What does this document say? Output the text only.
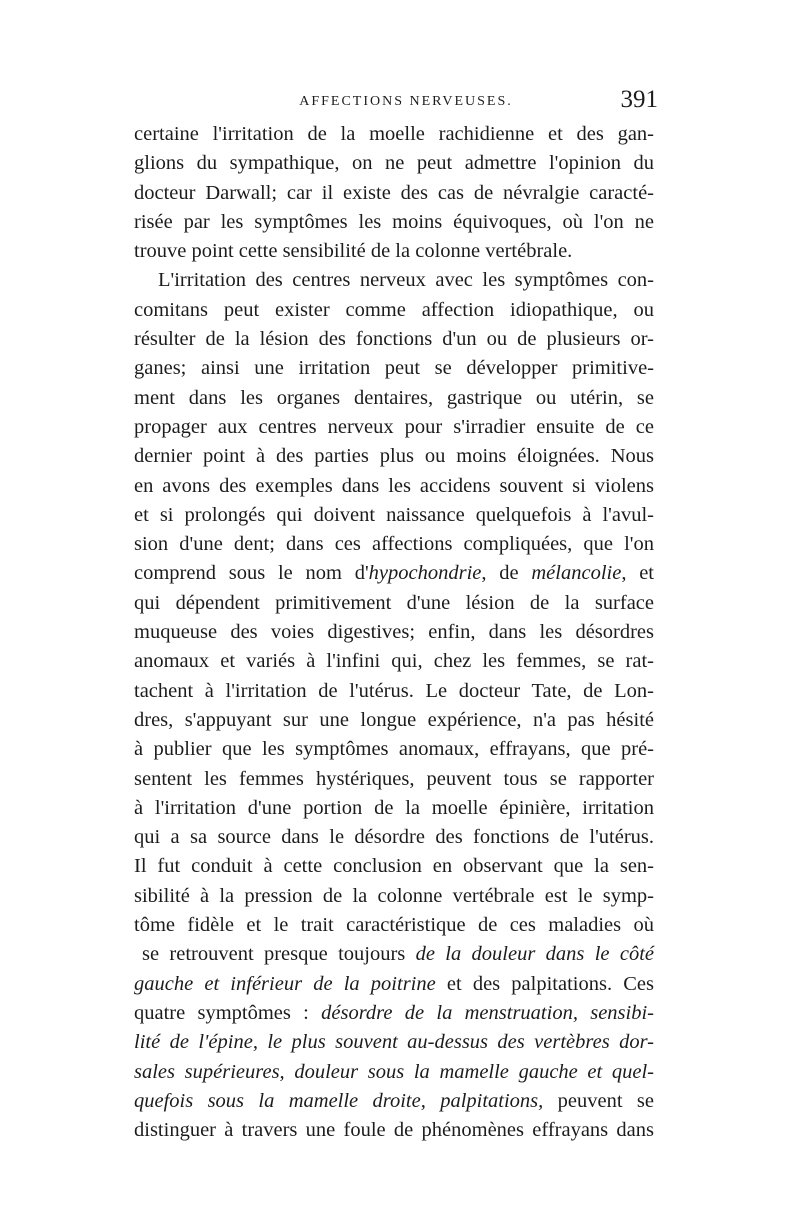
AFFECTIONS NERVEUSES.	391
certaine l'irritation de la moelle rachidienne et des gan-
glions du sympathique, on ne peut admettre l'opinion du
docteur Darwall; car il existe des cas de névralgie caracté-
risée par les symptômes les moins équivoques, où l'on ne
trouve point cette sensibilité de la colonne vertébrale.
L'irritation des centres nerveux avec les symptômes con-
comitans peut exister comme affection idiopathique, ou
résulter de la lésion des fonctions d'un ou de plusieurs or-
ganes; ainsi une irritation peut se développer primitive-
ment dans les organes dentaires, gastrique ou utérin, se
propager aux centres nerveux pour s'irradier ensuite de ce
dernier point à des parties plus ou moins éloignées. Nous
en avons des exemples dans les accidens souvent si violens
et si prolongés qui doivent naissance quelquefois à l'avul-
sion d'une dent; dans ces affections compliquées, que l'on
comprend sous le nom d'hypochondrie, de mélancolie, et
qui dépendent primitivement d'une lésion de la surface
muqueuse des voies digestives; enfin, dans les désordres
anomaux et variés à l'infini qui, chez les femmes, se rat-
tachent à l'irritation de l'utérus. Le docteur Tate, de Lon-
dres, s'appuyant sur une longue expérience, n'a pas hésité
à publier que les symptômes anomaux, effrayans, que pré-
sentent les femmes hystériques, peuvent tous se rapporter
à l'irritation d'une portion de la moelle épinière, irritation
qui a sa source dans le désordre des fonctions de l'utérus.
Il fut conduit à cette conclusion en observant que la sen-
sibilité à la pression de la colonne vertébrale est le symp-
tôme fidèle et le trait caractéristique de ces maladies où
se retrouvent presque toujours de la douleur dans le côté
gauche et inférieur de la poitrine et des palpitations. Ces
quatre symptômes : désordre de la menstruation, sensibi-
lité de l'épine, le plus souvent au-dessus des vertèbres dor-
sales supérieures, douleur sous la mamelle gauche et quel-
quefois sous la mamelle droite, palpitations, peuvent se
distinguer à travers une foule de phénomènes effrayans dans
